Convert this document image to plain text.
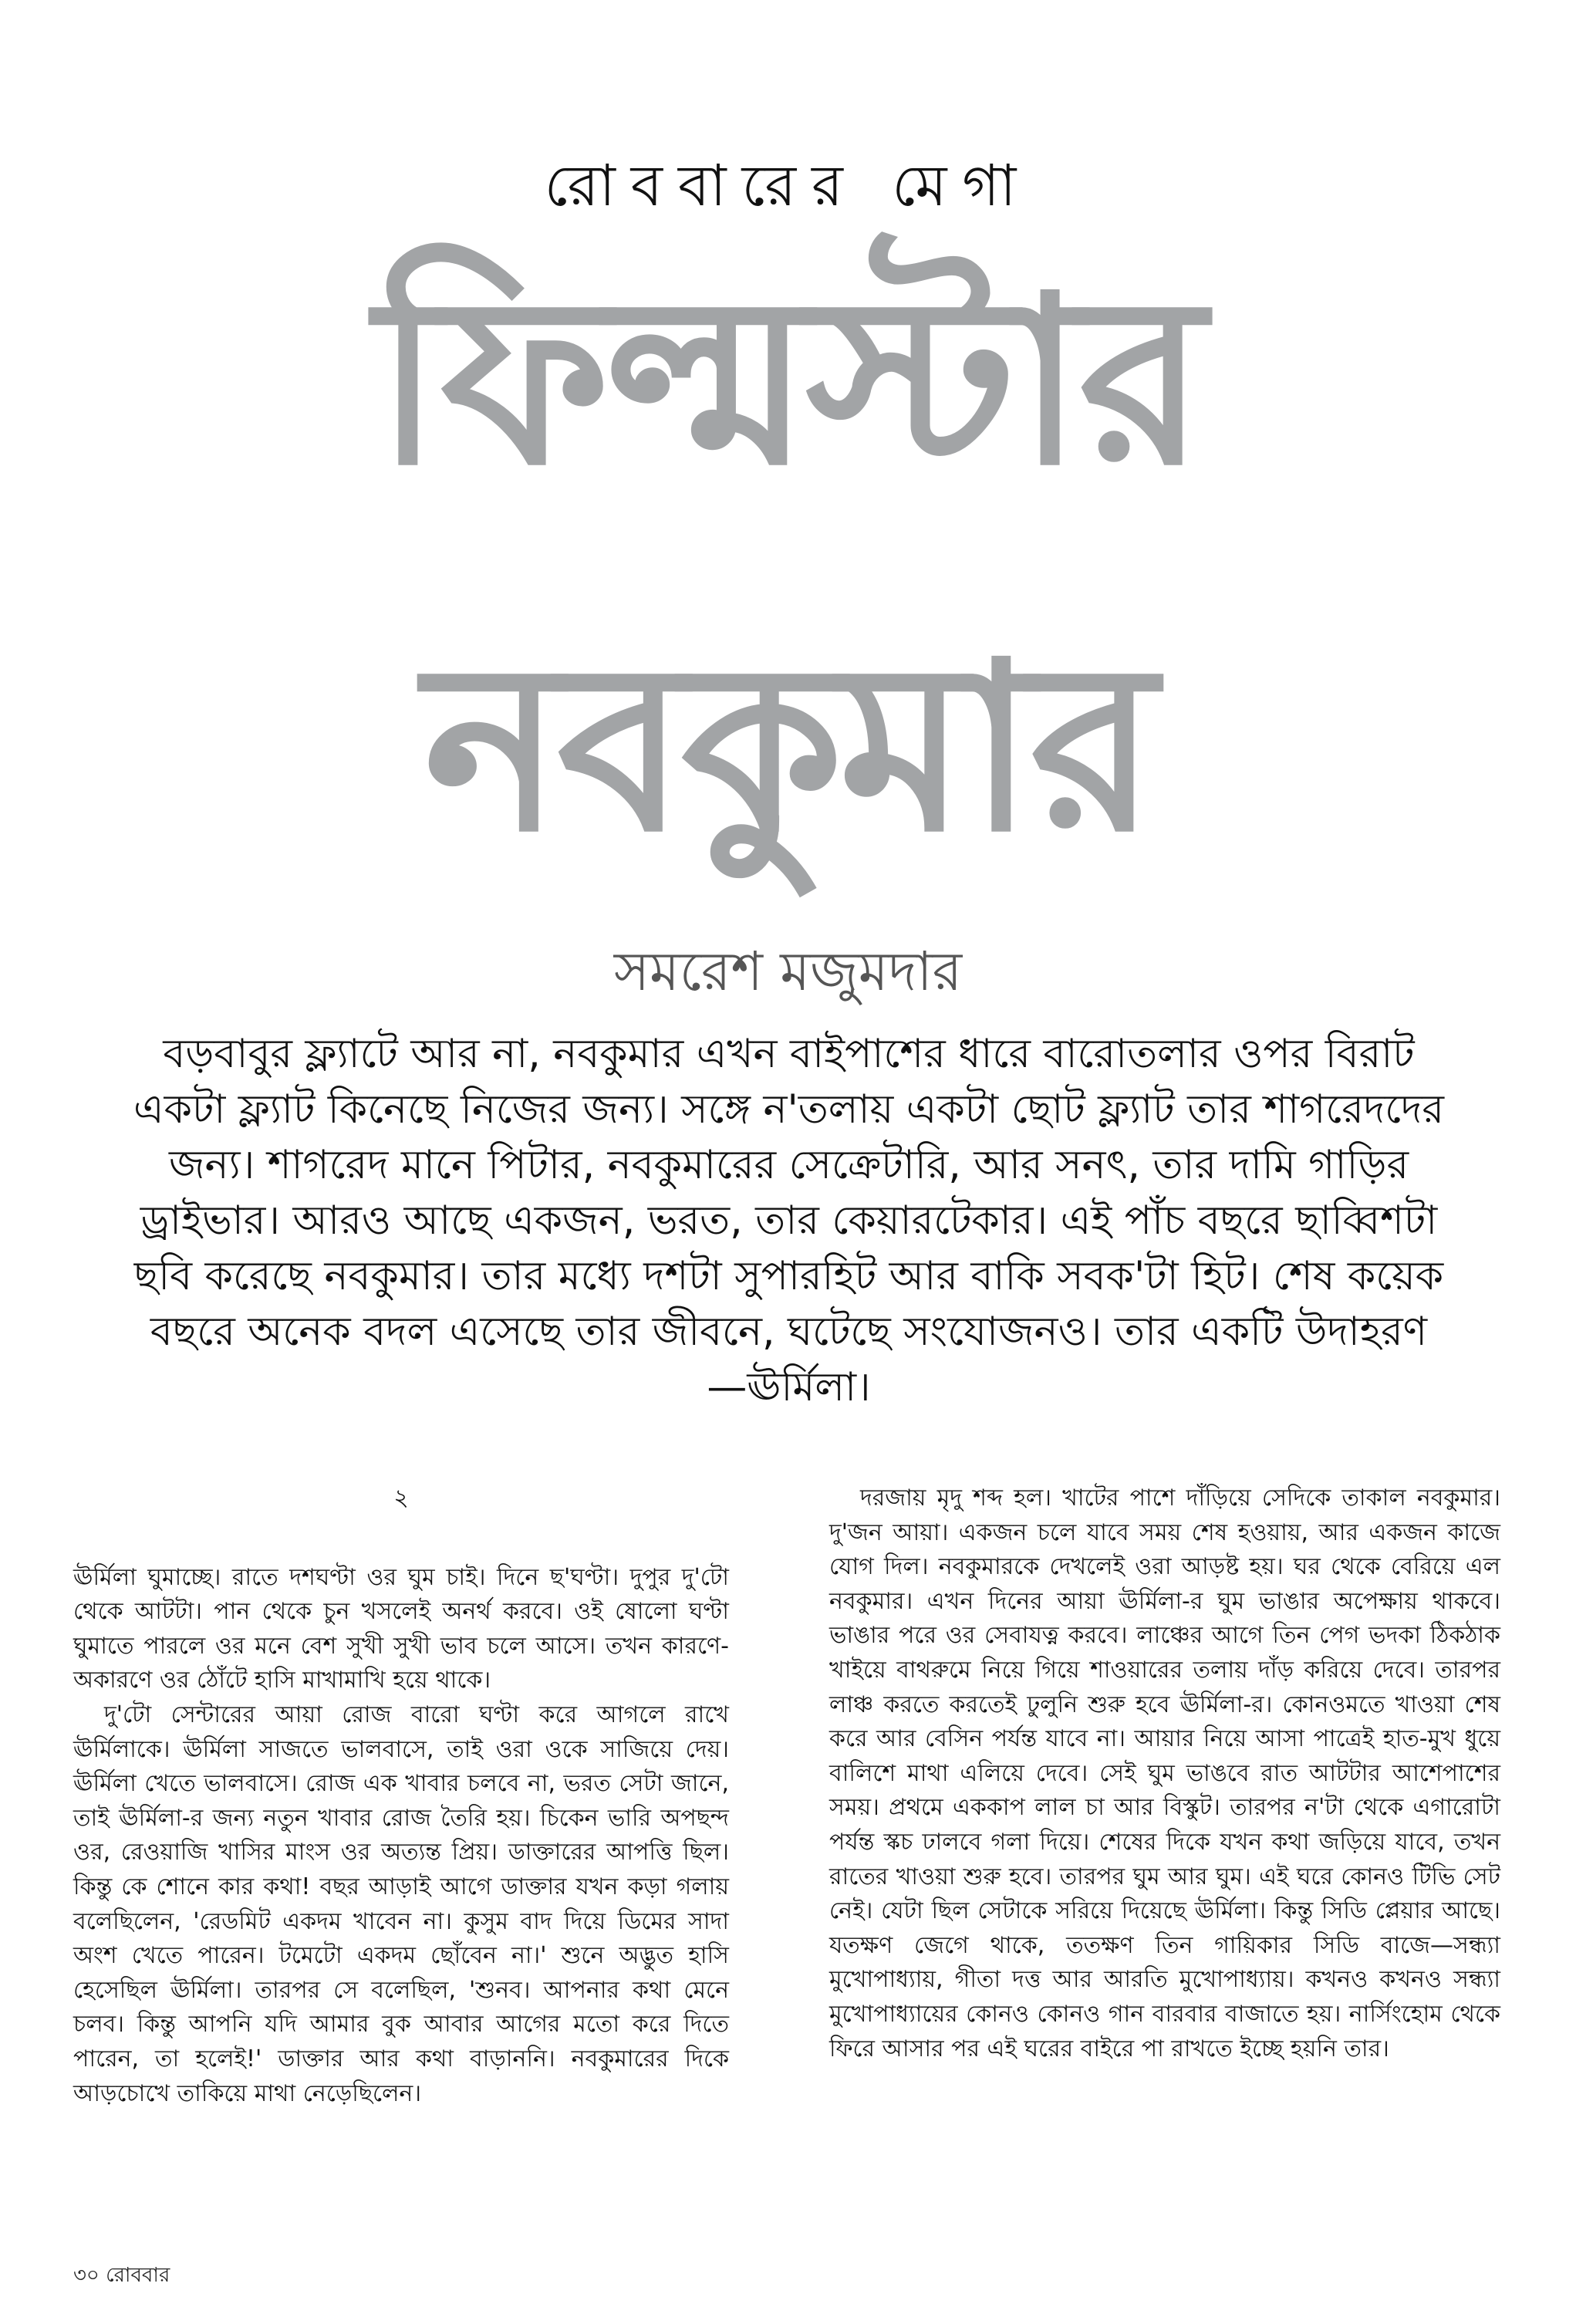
রোববারের মেগা
ফিল্মস্টার
নবকুমার
সমরেশ মজুমদার
বড়বাবুর ফ্ল্যাটে আর না, নবকুমার এখন বাইপাশের ধারে বারোতলার ওপর বিরাট একটা ফ্ল্যাট কিনেছে নিজের জন্য। সঙ্গে ন'তলায় একটা ছোট ফ্ল্যাট তার শাগরেদদের জন্য। শাগরেদ মানে পিটার, নবকুমারের সেক্রেটারি, আর সনৎ, তার দামি গাড়ির ড্রাইভার। আরও আছে একজন, ভরত, তার কেয়ারটেকার। এই পাঁচ বছরে ছাব্বিশটা ছবি করেছে নবকুমার। তার মধ্যে দশটা সুপারহিট আর বাকি সবক'টা হিট। শেষ কয়েক বছরে অনেক বদল এসেছে তার জীবনে, ঘটেছে সংযোজনও। তার একটি উদাহরণ—ঊর্মিলা।
২

ঊর্মিলা ঘুমাচ্ছে। রাতে দশঘণ্টা ওর ঘুম চাই। দিনে ছ'ঘণ্টা। দুপুর দু'টো থেকে আটটা। পান থেকে চুন খসলেই অনর্থ করবে। ওই ষোলো ঘণ্টা ঘুমাতে পারলে ওর মনে বেশ সুখী সুখী ভাব চলে আসে। তখন কারণে-অকারণে ওর ঠোঁটে হাসি মাখামাখি হয়ে থাকে।

দু'টো সেন্টারের আয়া রোজ বারো ঘণ্টা করে আগলে রাখে ঊর্মিলাকে। ঊর্মিলা সাজতে ভালবাসে, তাই ওরা ওকে সাজিয়ে দেয়। ঊর্মিলা খেতে ভালবাসে। রোজ এক খাবার চলবে না, ভরত সেটা জানে, তাই ঊর্মিলা-র জন্য নতুন খাবার রোজ তৈরি হয়। চিকেন ভারি অপছন্দ ওর, রেওয়াজি খাসির মাংস ওর অত্যন্ত প্রিয়। ডাক্তারের আপত্তি ছিল। কিন্তু কে শোনে কার কথা! বছর আড়াই আগে ডাক্তার যখন কড়া গলায় বলেছিলেন, 'রেডমিট একদম খাবেন না। কুসুম বাদ দিয়ে ডিমের সাদা অংশ খেতে পারেন। টমেটো একদম ছোঁবেন না।' শুনে অদ্ভুত হাসি হেসেছিল ঊর্মিলা। তারপর সে বলেছিল, 'শুনব। আপনার কথা মেনে চলব। কিন্তু আপনি যদি আমার বুক আবার আগের মতো করে দিতে পারেন, তা হলেই!' ডাক্তার আর কথা বাড়াননি। নবকুমারের দিকে আড়চোখে তাকিয়ে মাথা নেড়েছিলেন।

দরজায় মৃদু শব্দ হল। খাটের পাশে দাঁড়িয়ে সেদিকে তাকাল নবকুমার। দু'জন আয়া। একজন চলে যাবে সময় শেষ হওয়ায়, আর একজন কাজে যোগ দিল। নবকুমারকে দেখলেই ওরা আড়ষ্ট হয়। ঘর থেকে বেরিয়ে এল নবকুমার। এখন দিনের আয়া ঊর্মিলা-র ঘুম ভাঙার অপেক্ষায় থাকবে। ভাঙার পরে ওর সেবাযত্ন করবে। লাঞ্চের আগে তিন পেগ ভদকা ঠিকঠাক খাইয়ে বাথরুমে নিয়ে গিয়ে শাওয়ারের তলায় দাঁড় করিয়ে দেবে। তারপর লাঞ্চ করতে করতেই ঢুলুনি শুরু হবে ঊর্মিলা-র। কোনওমতে খাওয়া শেষ করে আর বেসিন পর্যন্ত যাবে না। আয়ার নিয়ে আসা পাত্রেই হাত-মুখ ধুয়ে বালিশে মাথা এলিয়ে দেবে। সেই ঘুম ভাঙবে রাত আটটার আশেপাশের সময়। প্রথমে এককাপ লাল চা আর বিস্কুট। তারপর ন'টা থেকে এগারোটা পর্যন্ত স্কচ ঢালবে গলা দিয়ে। শেষের দিকে যখন কথা জড়িয়ে যাবে, তখন রাতের খাওয়া শুরু হবে। তারপর ঘুম আর ঘুম। এই ঘরে কোনও টিভি সেট নেই। যেটা ছিল সেটাকে সরিয়ে দিয়েছে ঊর্মিলা। কিন্তু সিডি প্লেয়ার আছে। যতক্ষণ জেগে থাকে, ততক্ষণ তিন গায়িকার সিডি বাজে—সন্ধ্যা মুখোপাধ্যায়, গীতা দত্ত আর আরতি মুখোপাধ্যায়। কখনও কখনও সন্ধ্যা মুখোপাধ্যায়ের কোনও কোনও গান বারবার বাজাতে হয়। নার্সিংহোম থেকে ফিরে আসার পর এই ঘরের বাইরে পা রাখতে ইচ্ছে হয়নি তার।

৩০ রোববার
